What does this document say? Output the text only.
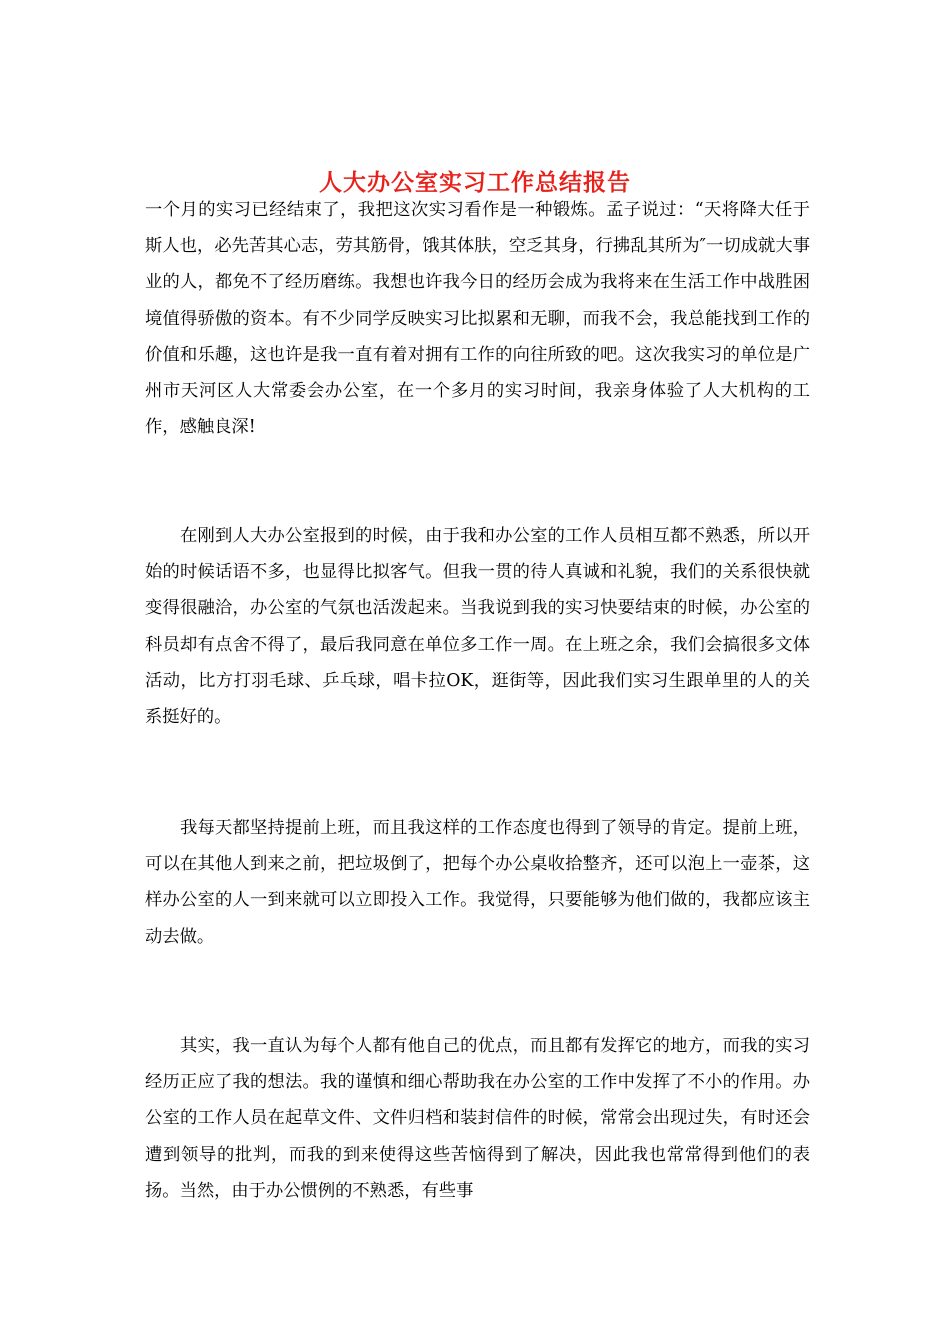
人大办公室实习工作总结报告

一个月的实习已经结束了，我把这次实习看作是一种锻炼。孟子说过：“天将降大任于斯人也，必先苦其心志，劳其筋骨，饿其体肤，空乏其身，行拂乱其所为″一切成就大事业的人，都免不了经历磨练。我想也许我今日的经历会成为我将来在生活工作中战胜困境值得骄傲的资本。有不少同学反映实习比拟累和无聊，而我不会，我总能找到工作的价值和乐趣，这也许是我一直有着对拥有工作的向往所致的吧。这次我实习的单位是广州市天河区人大常委会办公室，在一个多月的实习时间，我亲身体验了人大机构的工作，感触良深!

在刚到人大办公室报到的时候，由于我和办公室的工作人员相互都不熟悉，所以开始的时候话语不多，也显得比拟客气。但我一贯的待人真诚和礼貌，我们的关系很快就变得很融洽，办公室的气氛也活泼起来。当我说到我的实习快要结束的时候，办公室的科员却有点舍不得了，最后我同意在单位多工作一周。在上班之余，我们会搞很多文体活动，比方打羽毛球、乒乓球，唱卡拉OK，逛街等，因此我们实习生跟单里的人的关系挺好的。

我每天都坚持提前上班，而且我这样的工作态度也得到了领导的肯定。提前上班，可以在其他人到来之前，把垃圾倒了，把每个办公桌收拾整齐，还可以泡上一壶茶，这样办公室的人一到来就可以立即投入工作。我觉得，只要能够为他们做的，我都应该主动去做。

其实，我一直认为每个人都有他自己的优点，而且都有发挥它的地方，而我的实习经历正应了我的想法。我的谨慎和细心帮助我在办公室的工作中发挥了不小的作用。办公室的工作人员在起草文件、文件归档和装封信件的时候，常常会出现过失，有时还会遭到领导的批判，而我的到来使得这些苦恼得到了解决，因此我也常常得到他们的表扬。当然，由于办公惯例的不熟悉，有些事
